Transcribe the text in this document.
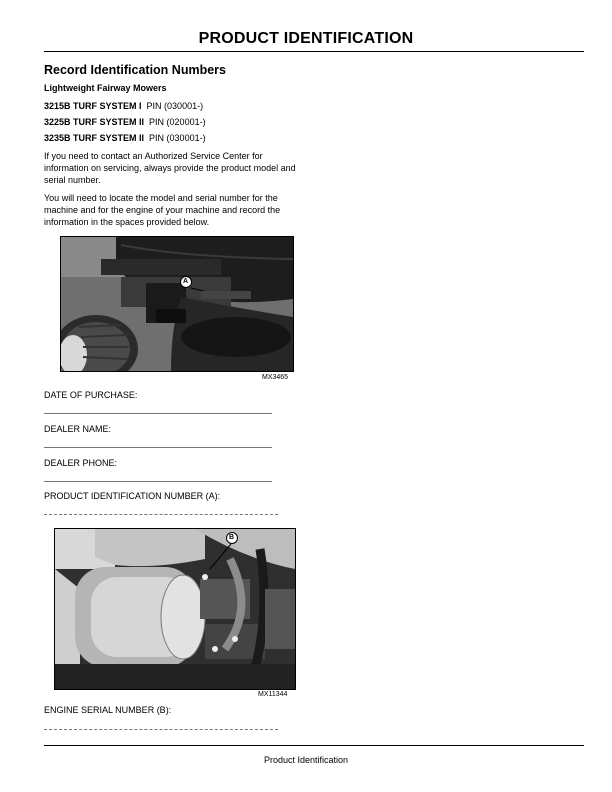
PRODUCT IDENTIFICATION
Record Identification Numbers
Lightweight Fairway Mowers
3215B TURF SYSTEM I PIN (030001-)
3225B TURF SYSTEM II PIN (020001-)
3235B TURF SYSTEM II PIN (030001-)
If you need to contact an Authorized Service Center for information on servicing, always provide the product model and serial number.
You will need to locate the model and serial number for the machine and for the engine of your machine and record the information in the spaces provided below.
A
MX3465
DATE OF PURCHASE:
DEALER NAME:
DEALER PHONE:
PRODUCT IDENTIFICATION NUMBER (A):
B
MX11344
ENGINE SERIAL NUMBER (B):
Product Identification
